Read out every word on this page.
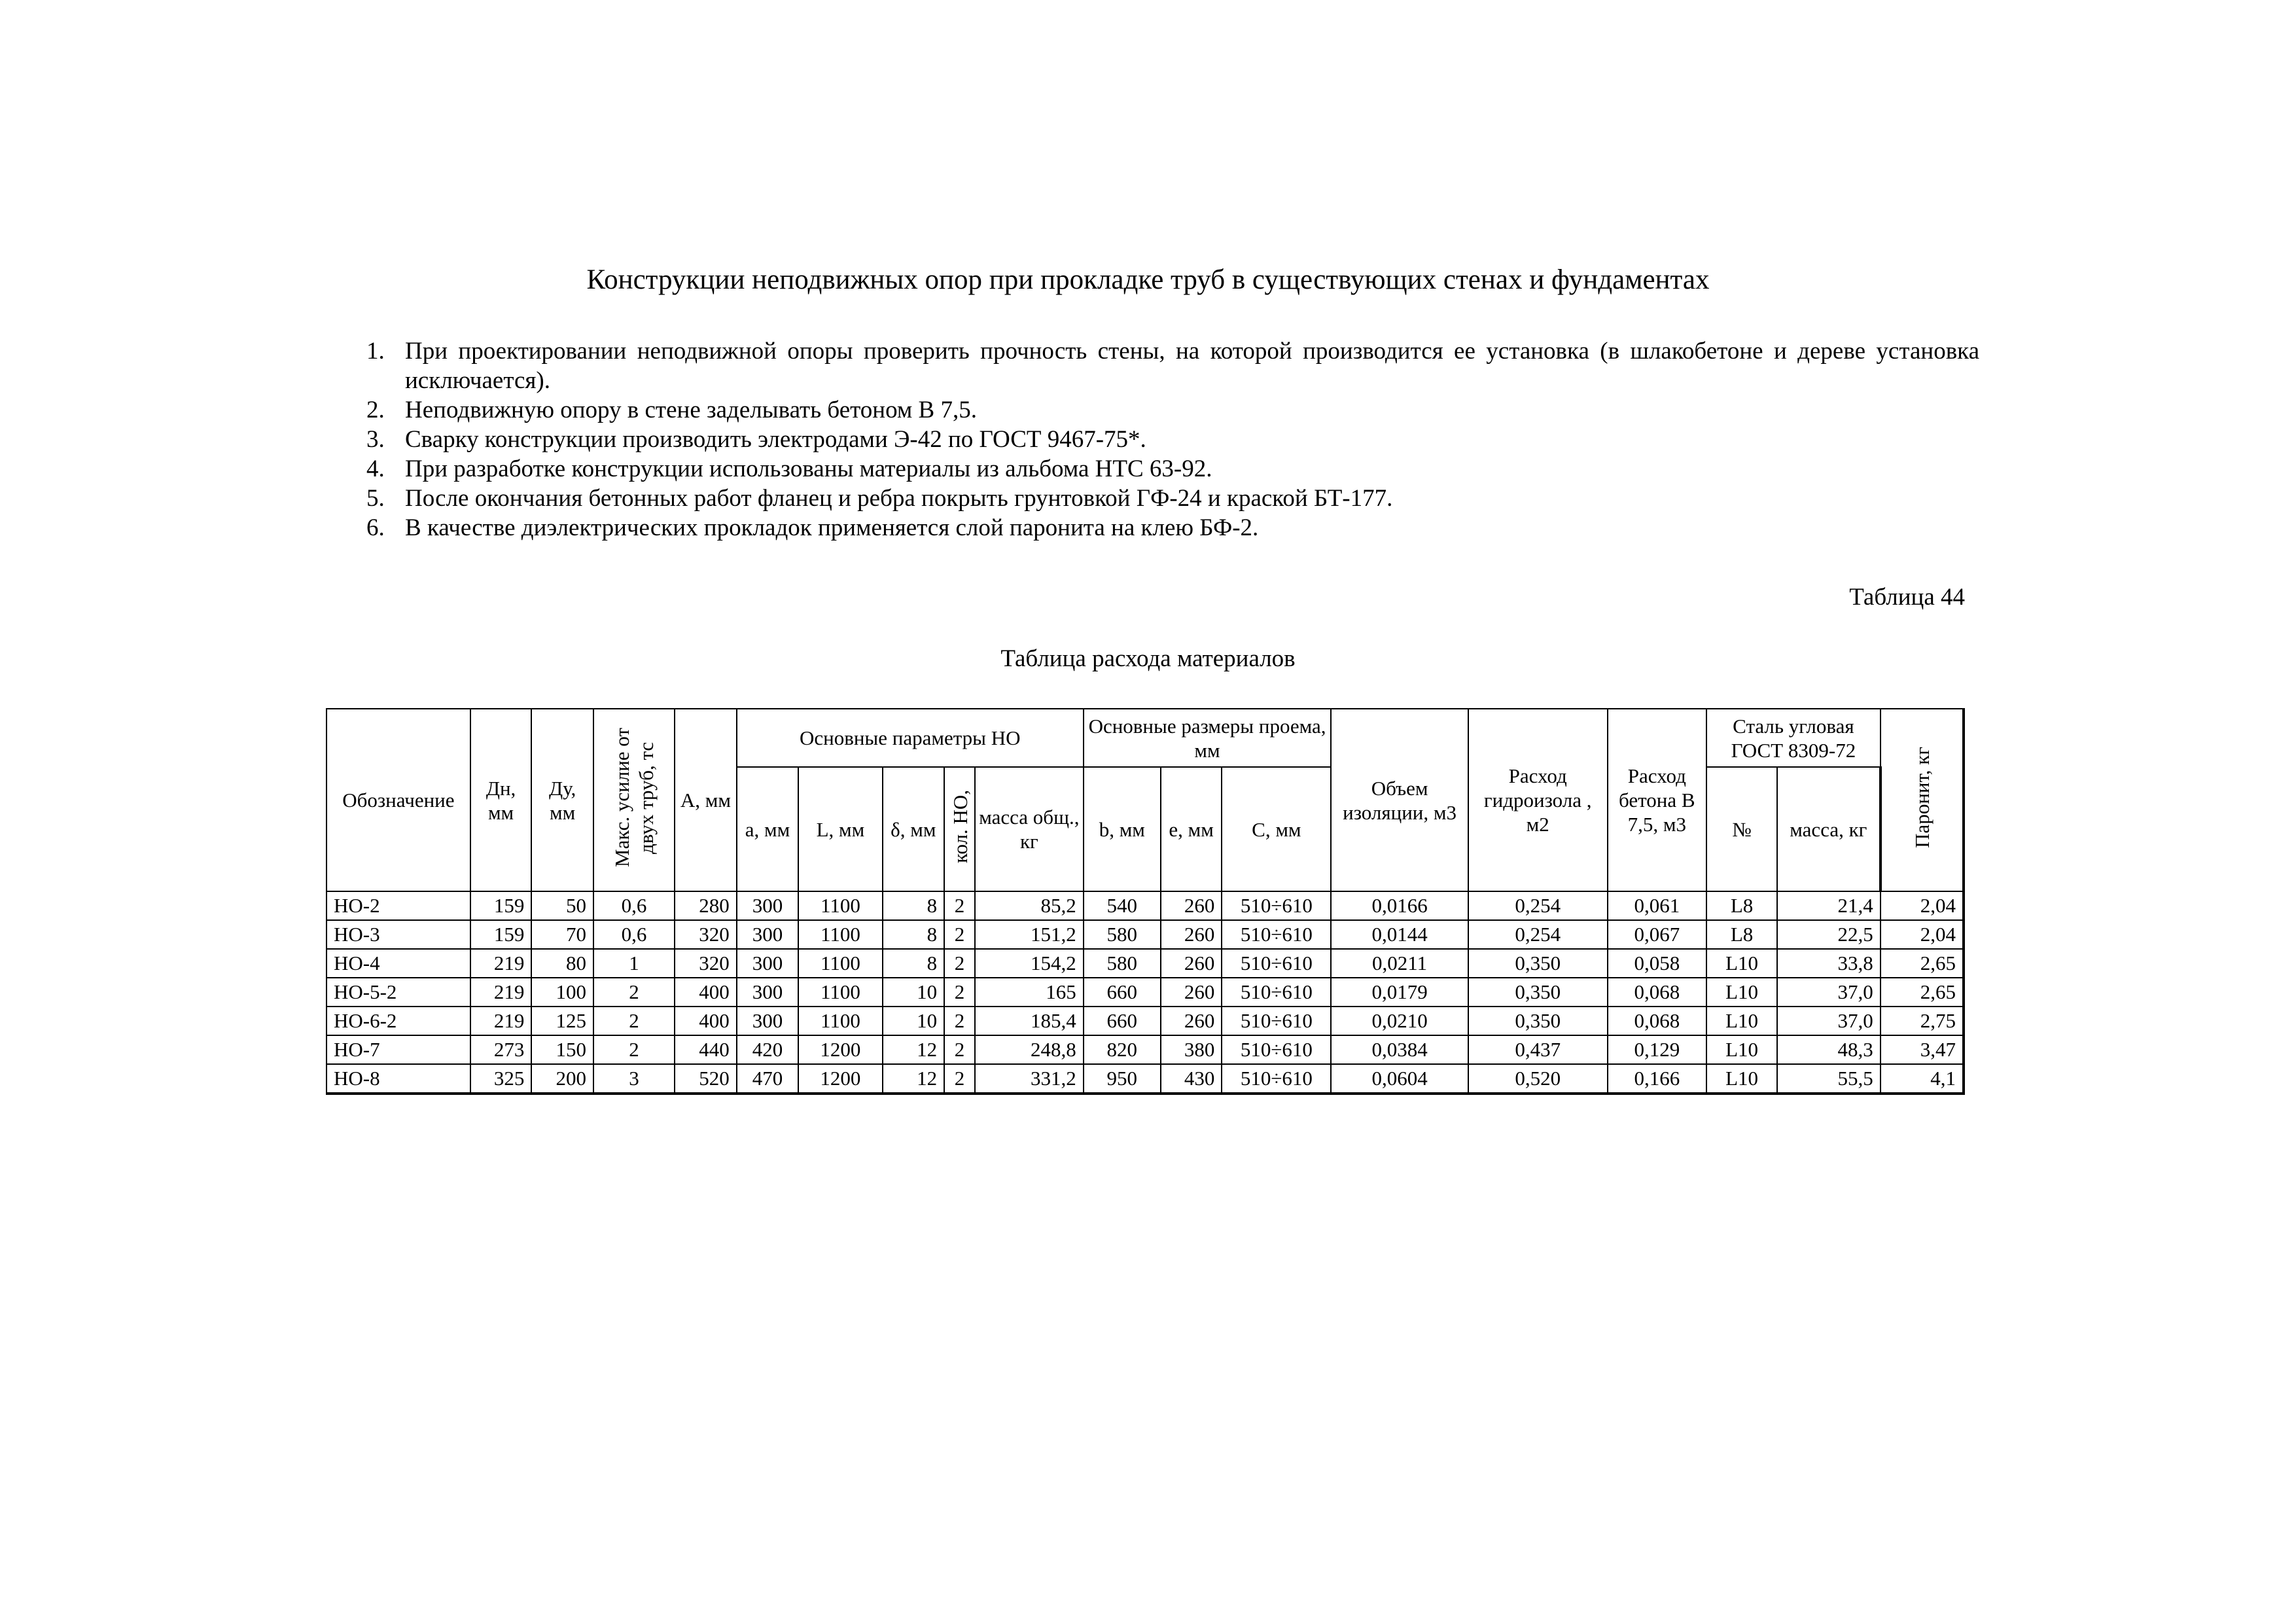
Конструкции неподвижных опор при прокладке труб в существующих стенах и фундаментах
1. При проектировании неподвижной опоры проверить прочность стены, на которой производится ее установка (в шлакобетоне и дереве установка исключается).
2. Неподвижную опору в стене заделывать бетоном В 7,5.
3. Сварку конструкции производить электродами Э-42 по ГОСТ 9467-75*.
4. При разработке конструкции использованы материалы из альбома НТС 63-92.
5. После окончания бетонных работ фланец и ребра покрыть грунтовкой ГФ-24 и краской БТ-177.
6. В качестве диэлектрических прокладок применяется слой паронита на клею БФ-2.
Таблица 44
Таблица расхода материалов
Обозначение	Дн, мм	Ду, мм	Макс. усилие от двух труб, тс	А, мм	Основные параметры НО					Основные размеры проема, мм			Объем изоляции, м3	Расход гидроизола , м2	Расход бетона В 7,5, м3	Сталь угловая ГОСТ 8309-72		Паронит, кг
					а, мм	L, мм	δ, мм	кол. НО, шт	масса общ., кг	b, мм	е, мм	С, мм				№	масса, кг	
НО-2	159	50	0,6	280	300	1100	8	2	85,2	540	260	510÷610	0,0166	0,254	0,061	L8	21,4	2,04
НО-3	159	70	0,6	320	300	1100	8	2	151,2	580	260	510÷610	0,0144	0,254	0,067	L8	22,5	2,04
НО-4	219	80	1	320	300	1100	8	2	154,2	580	260	510÷610	0,0211	0,350	0,058	L10	33,8	2,65
НО-5-2	219	100	2	400	300	1100	10	2	165	660	260	510÷610	0,0179	0,350	0,068	L10	37,0	2,65
НО-6-2	219	125	2	400	300	1100	10	2	185,4	660	260	510÷610	0,0210	0,350	0,068	L10	37,0	2,75
НО-7	273	150	2	440	420	1200	12	2	248,8	820	380	510÷610	0,0384	0,437	0,129	L10	48,3	3,47
НО-8	325	200	3	520	470	1200	12	2	331,2	950	430	510÷610	0,0604	0,520	0,166	L10	55,5	4,1
